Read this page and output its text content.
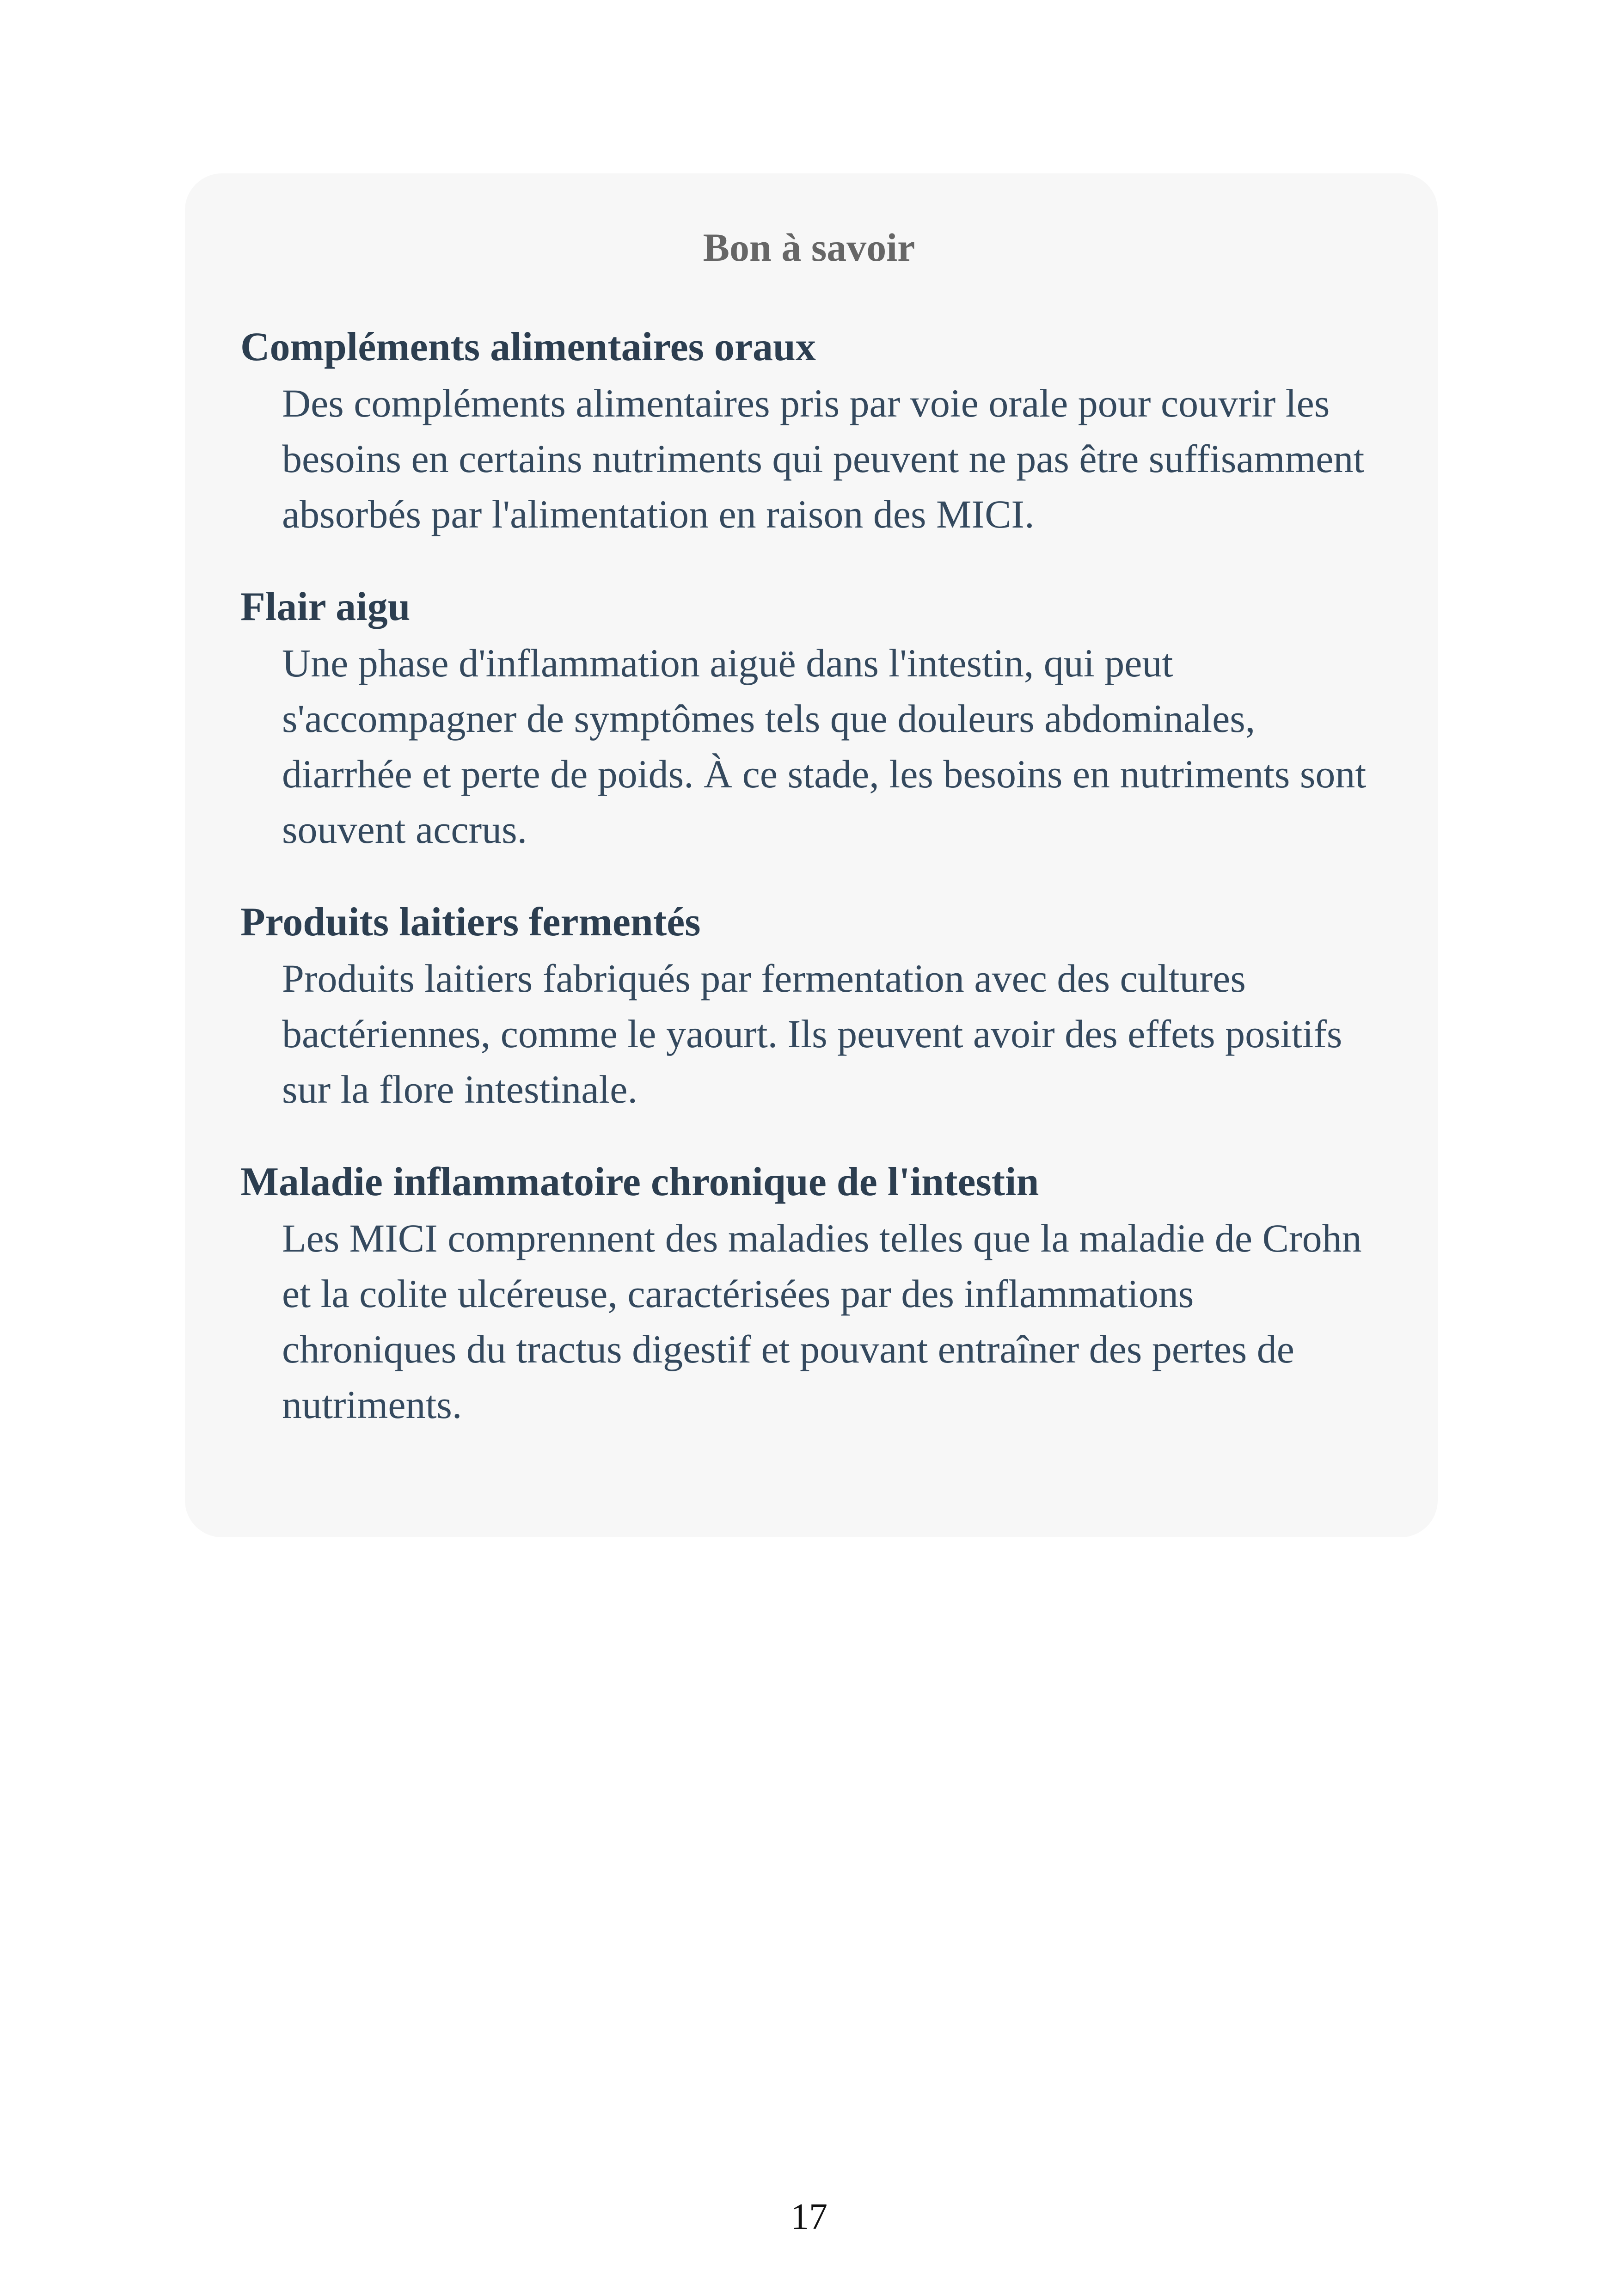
Bon à savoir
Compléments alimentaires oraux
Des compléments alimentaires pris par voie orale pour couvrir les besoins en certains nutriments qui peuvent ne pas être suffisamment absorbés par l'alimentation en raison des MICI.
Flair aigu
Une phase d'inflammation aiguë dans l'intestin, qui peut s'accompagner de symptômes tels que douleurs abdominales, diarrhée et perte de poids. À ce stade, les besoins en nutriments sont souvent accrus.
Produits laitiers fermentés
Produits laitiers fabriqués par fermentation avec des cultures bactériennes, comme le yaourt. Ils peuvent avoir des effets positifs sur la flore intestinale.
Maladie inflammatoire chronique de l'intestin
Les MICI comprennent des maladies telles que la maladie de Crohn et la colite ulcéreuse, caractérisées par des inflammations chroniques du tractus digestif et pouvant entraîner des pertes de nutriments.
17
